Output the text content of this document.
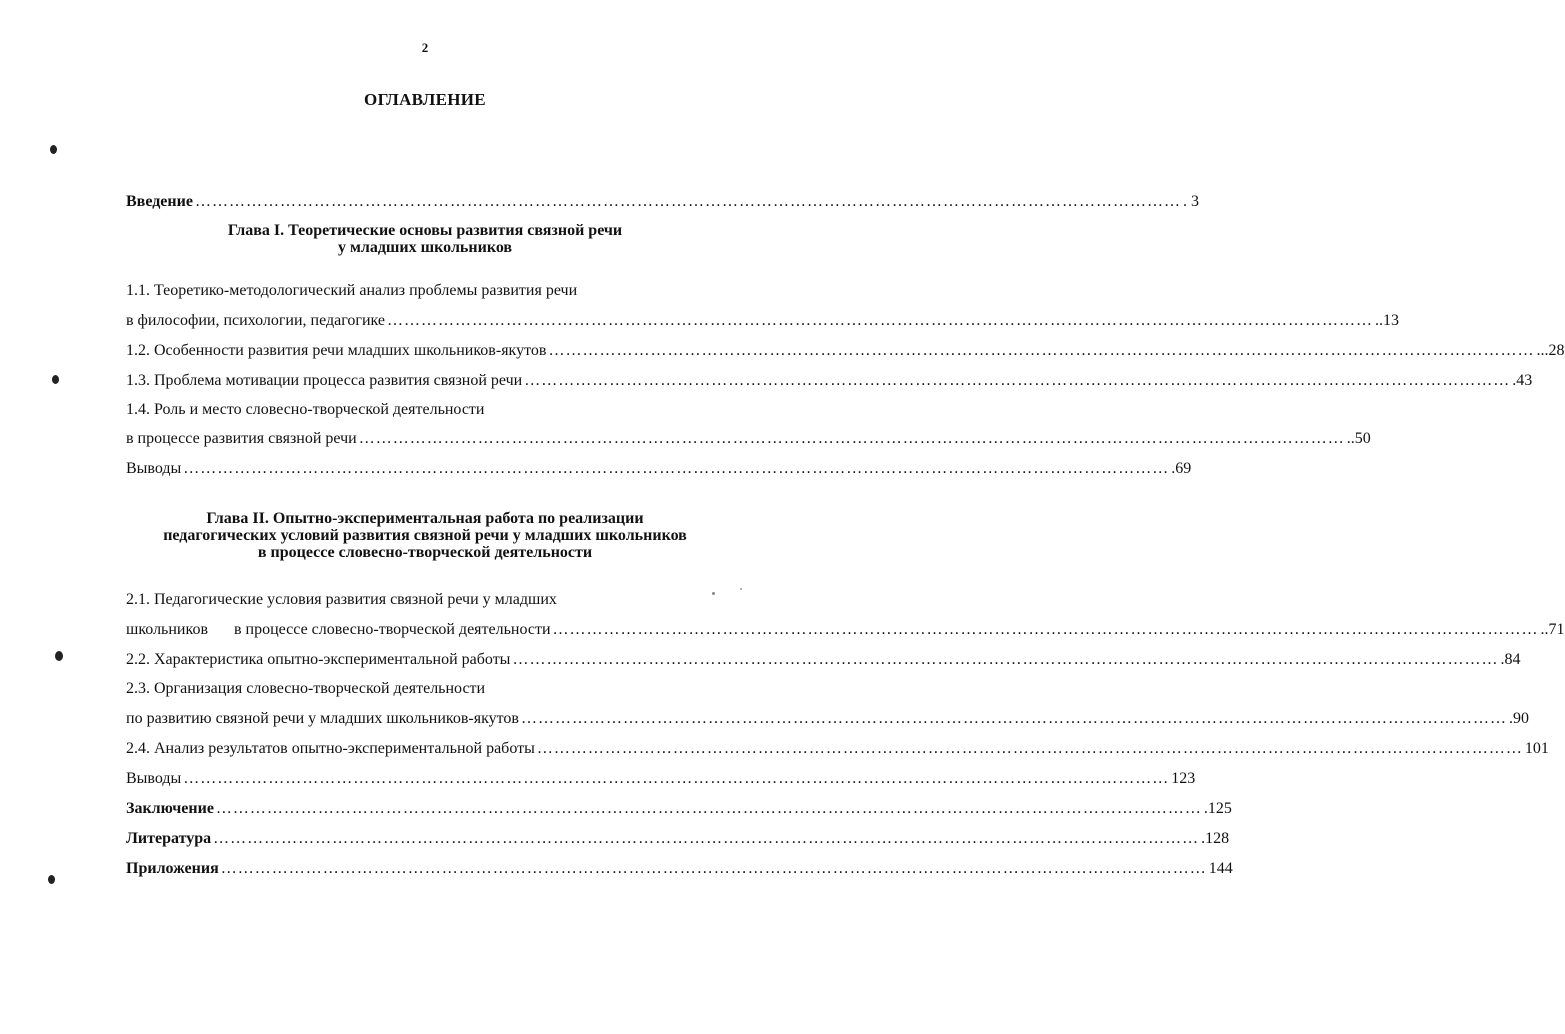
2
ОГЛАВЛЕНИЕ
Введение ………………………………………………………………………………………………………………………………………………………… . 3
Глава I. Теоретические основы развития связной речи
у младших школьников
1.1. Теоретико-методологический анализ проблемы развития речи
в философии, психологии, педагогике ………………………………………………………………………………………………………………………………………………………… ..13
1.2. Особенности развития речи младших школьников-якутов ………………………………………………………………………………………………………………………………………………………… ...28
1.3. Проблема мотивации процесса развития связной речи ………………………………………………………………………………………………………………………………………………………… .43
1.4. Роль и место словесно-творческой деятельности
в процессе развития связной речи ………………………………………………………………………………………………………………………………………………………… ..50
Выводы ………………………………………………………………………………………………………………………………………………………… .69
Глава II. Опытно-экспериментальная работа по реализации
педагогических условий развития связной речи у младших школьников
в процессе словесно-творческой деятельности
2.1. Педагогические условия развития связной речи у младших
школьников в процессе словесно-творческой деятельности ………………………………………………………………………………………………………………………………………………………… ..71
2.2. Характеристика опытно-экспериментальной работы ………………………………………………………………………………………………………………………………………………………… .84
2.3. Организация словесно-творческой деятельности
по развитию связной речи у младших школьников-якутов ………………………………………………………………………………………………………………………………………………………… .90
2.4. Анализ результатов опытно-экспериментальной работы ………………………………………………………………………………………………………………………………………………………… 101
Выводы ………………………………………………………………………………………………………………………………………………………… 123
Заключение ………………………………………………………………………………………………………………………………………………………… .125
Литература ………………………………………………………………………………………………………………………………………………………… .128
Приложения ………………………………………………………………………………………………………………………………………………………… 144
